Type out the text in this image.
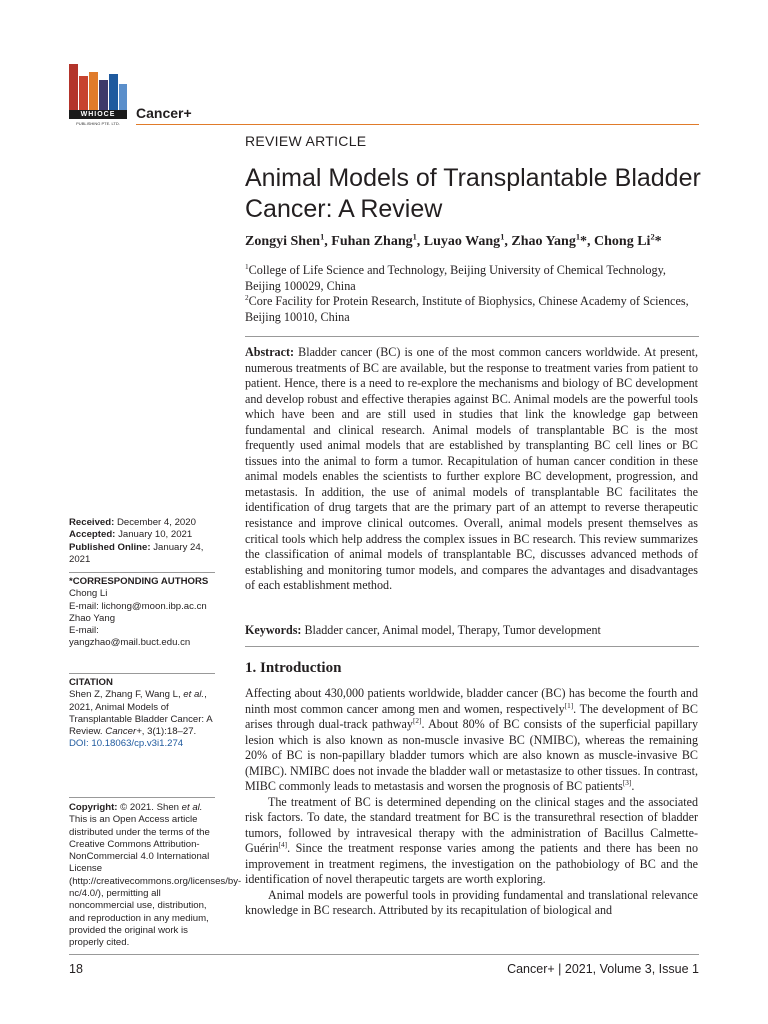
WHIOCE
PUBLISHING PTE. LTD.
Cancer+
REVIEW ARTICLE
Animal Models of Transplantable Bladder Cancer: A Review
Zongyi Shen$^1$, Fuhan Zhang$^1$, Luyao Wang$^1$, Zhao Yang$^1$*, Chong Li$^2$*
$^1$College of Life Science and Technology, Beijing University of Chemical Technology, Beijing 100029, China
$^2$Core Facility for Protein Research, Institute of Biophysics, Chinese Academy of Sciences, Beijing 10010, China
Abstract: Bladder cancer (BC) is one of the most common cancers worldwide. At present, numerous treatments of BC are available, but the response to treatment varies from patient to patient. Hence, there is a need to re-explore the mechanisms and biology of BC development and develop robust and effective therapies against BC. Animal models are the powerful tools which have been and are still used in studies that link the knowledge gap between fundamental and clinical research. Animal models of transplantable BC is the most frequently used animal models that are established by transplanting BC cell lines or BC tissues into the animal to form a tumor. Recapitulation of human cancer condition in these animal models enables the scientists to further explore BC development, progression, and metastasis. In addition, the use of animal models of transplantable BC facilitates the identification of drug targets that are the primary part of an attempt to reverse therapeutic resistance and improve clinical outcomes. Overall, animal models present themselves as critical tools which help address the complex issues in BC research. This review summarizes the classification of animal models of transplantable BC, discusses advanced methods of establishing and monitoring tumor models, and compares the advantages and disadvantages of each establishment method.
Keywords: Bladder cancer, Animal model, Therapy, Tumor development
1. Introduction

Affecting about 430,000 patients worldwide, bladder cancer (BC) has become the fourth and ninth most common cancer among men and women, respectively[1]. The development of BC arises through dual-track pathway[2]. About 80% of BC consists of the superficial papillary lesion which is also known as non-muscle invasive BC (NMIBC), whereas the remaining 20% of BC is non-papillary bladder tumors which are also known as muscle-invasive BC (MIBC). NMIBC does not invade the bladder wall or metastasize to other tissues. In contrast, MIBC commonly leads to metastasis and worsen the prognosis of BC patients[3].

The treatment of BC is determined depending on the clinical stages and the associated risk factors. To date, the standard treatment for BC is the transurethral resection of bladder tumors, followed by intravesical therapy with the administration of Bacillus Calmette-Guérin[4]. Since the treatment response varies among the patients and there has been no improvement in treatment regimens, the investigation on the pathobiology of BC and the identification of novel therapeutic targets are worth exploring.

Animal models are powerful tools in providing fundamental and translational relevance knowledge in BC research. Attributed by its recapitulation of biological and

Received: December 4, 2020
Accepted: January 10, 2021
Published Online: January 24, 2021
*CORRESPONDING AUTHORS
Chong Li
E-mail: lichong@moon.ibp.ac.cn
Zhao Yang
E-mail: yangzhao@mail.buct.edu.cn
CITATION
Shen Z, Zhang F, Wang L, et al., 2021, Animal Models of Transplantable Bladder Cancer: A Review. Cancer+, 3(1):18–27.
DOI: 10.18063/cp.v3i1.274
Copyright: © 2021. Shen et al. This is an Open Access article distributed under the terms of the Creative Commons Attribution-NonCommercial 4.0 International License (http://creativecommons.org/licenses/by-nc/4.0/), permitting all noncommercial use, distribution, and reproduction in any medium, provided the original work is properly cited.
18	Cancer+ | 2021, Volume 3, Issue 1
